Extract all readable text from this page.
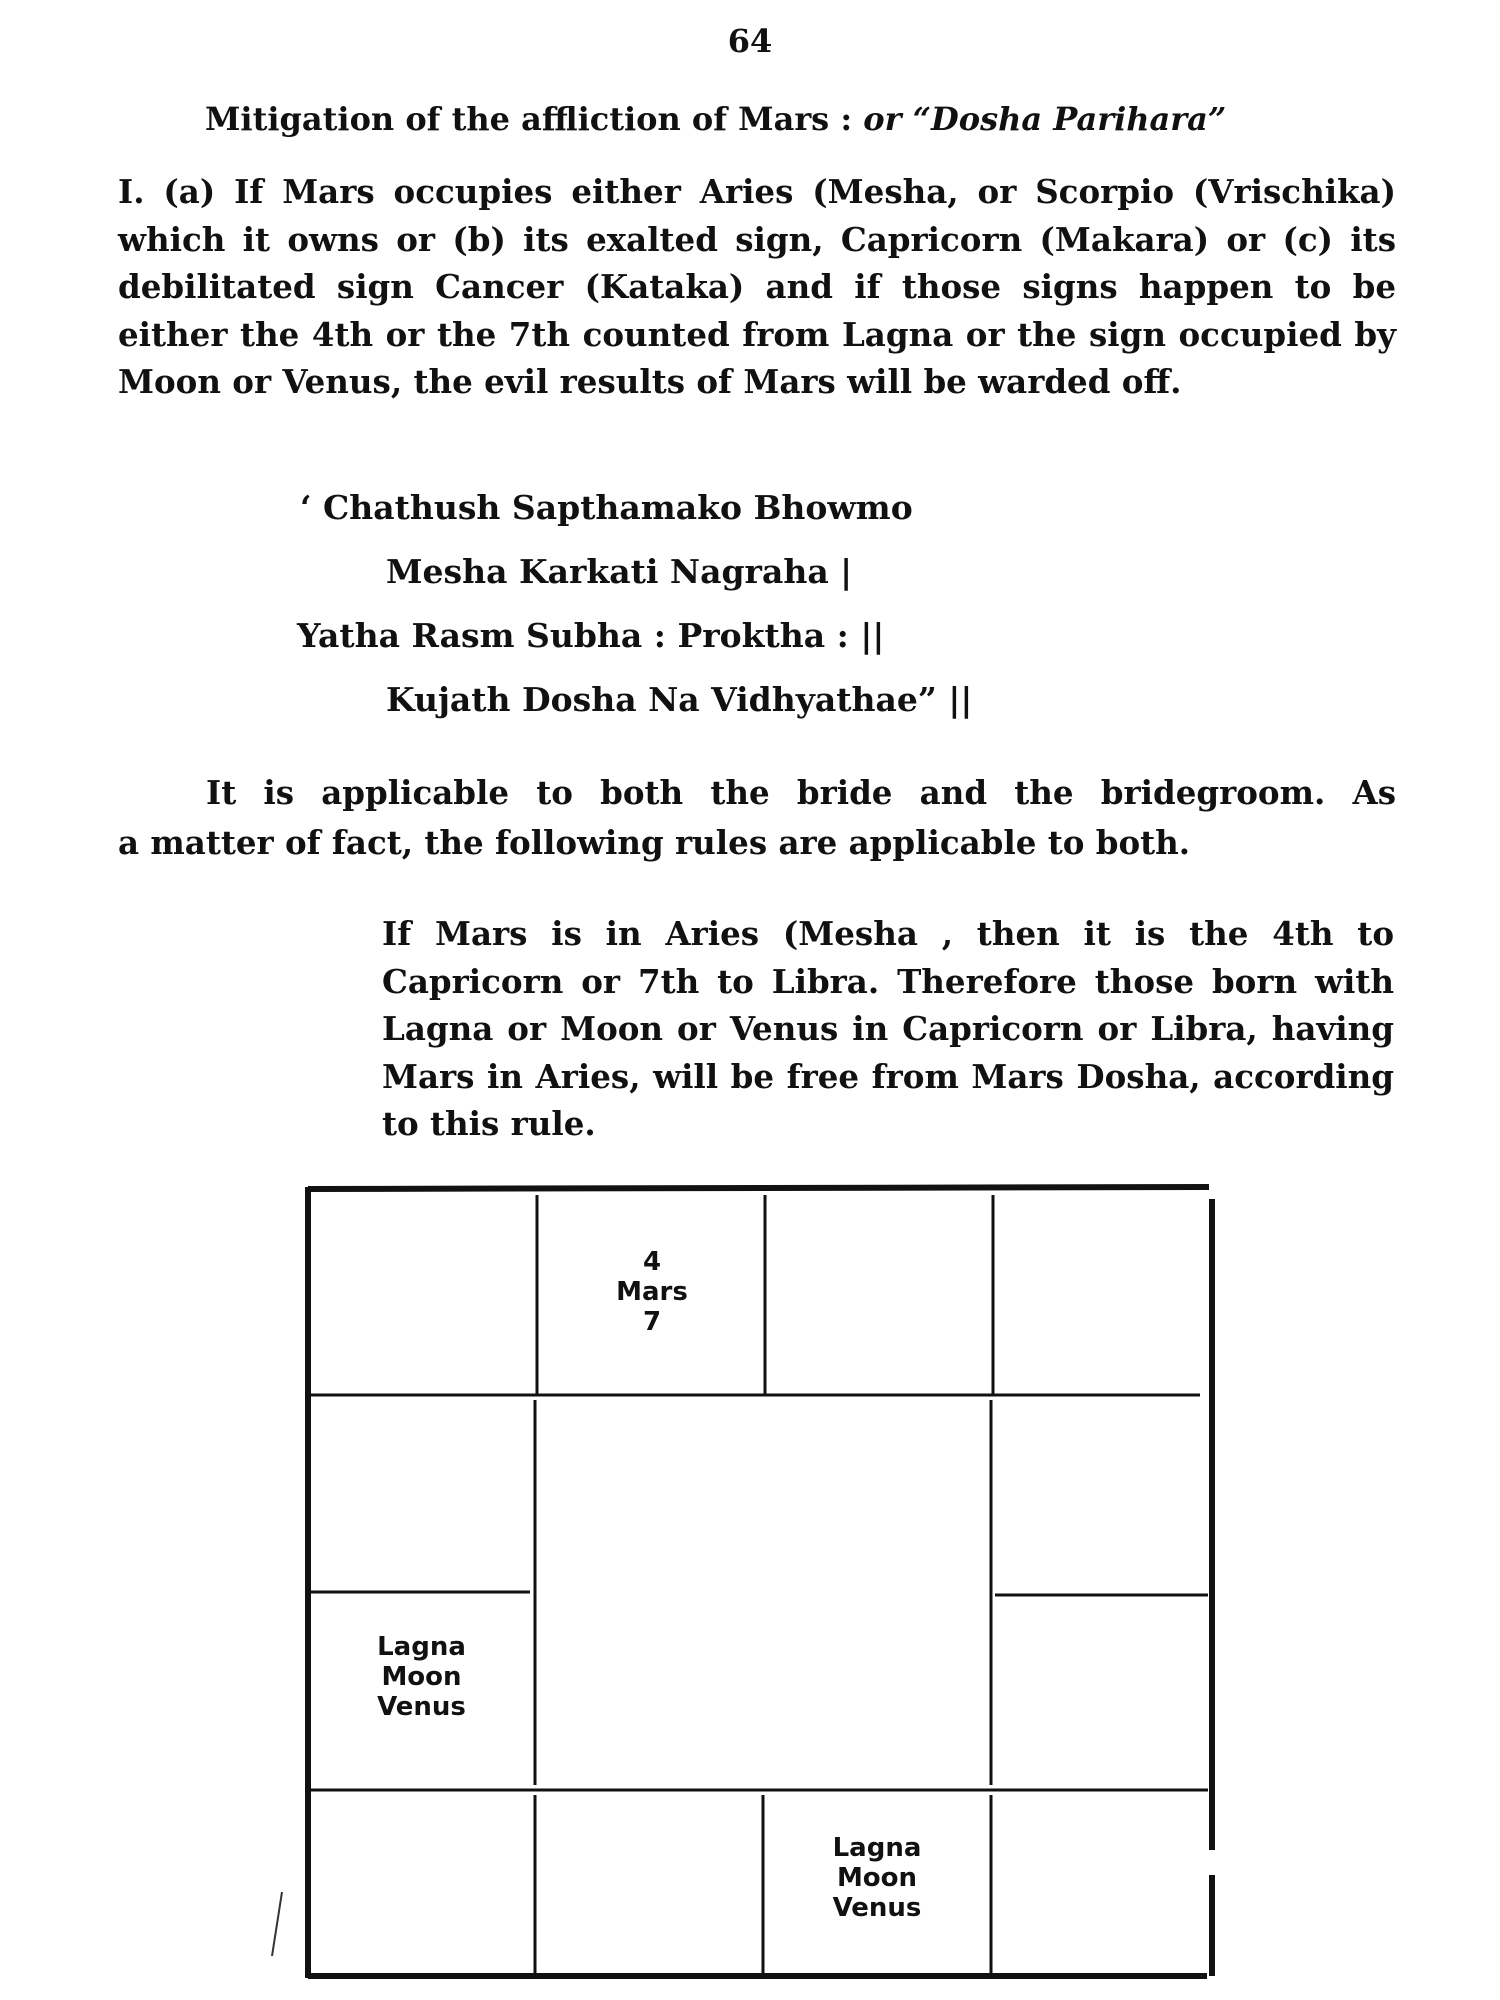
64
Mitigation of the affliction of Mars : or “Dosha Parihara”
I. (a) If Mars occupies either Aries (Mesha, or Scorpio (Vrischika) which it owns or (b) its exalted sign, Capricorn (Makara) or (c) its debilitated sign Cancer (Kataka) and if those signs happen to be either the 4th or the 7th counted from Lagna or the sign occupied by Moon or Venus, the evil results of Mars will be warded off.
‘ Chathush Sapthamako Bhowmo
Mesha Karkati Nagraha |
Yatha Rasm Subha : Proktha : ||
Kujath Dosha Na Vidhyathae” ||
It is applicable to both the bride and the bridegroom. As
a matter of fact, the following rules are applicable to both.
If Mars is in Aries (Mesha , then it is the 4th to Capricorn or 7th to Libra. Therefore those born with Lagna or Moon or Venus in Capricorn or Libra, having Mars in Aries, will be free from Mars Dosha, according to this rule.
4
Mars
7
Lagna
Moon
Venus
Lagna
Moon
Venus
